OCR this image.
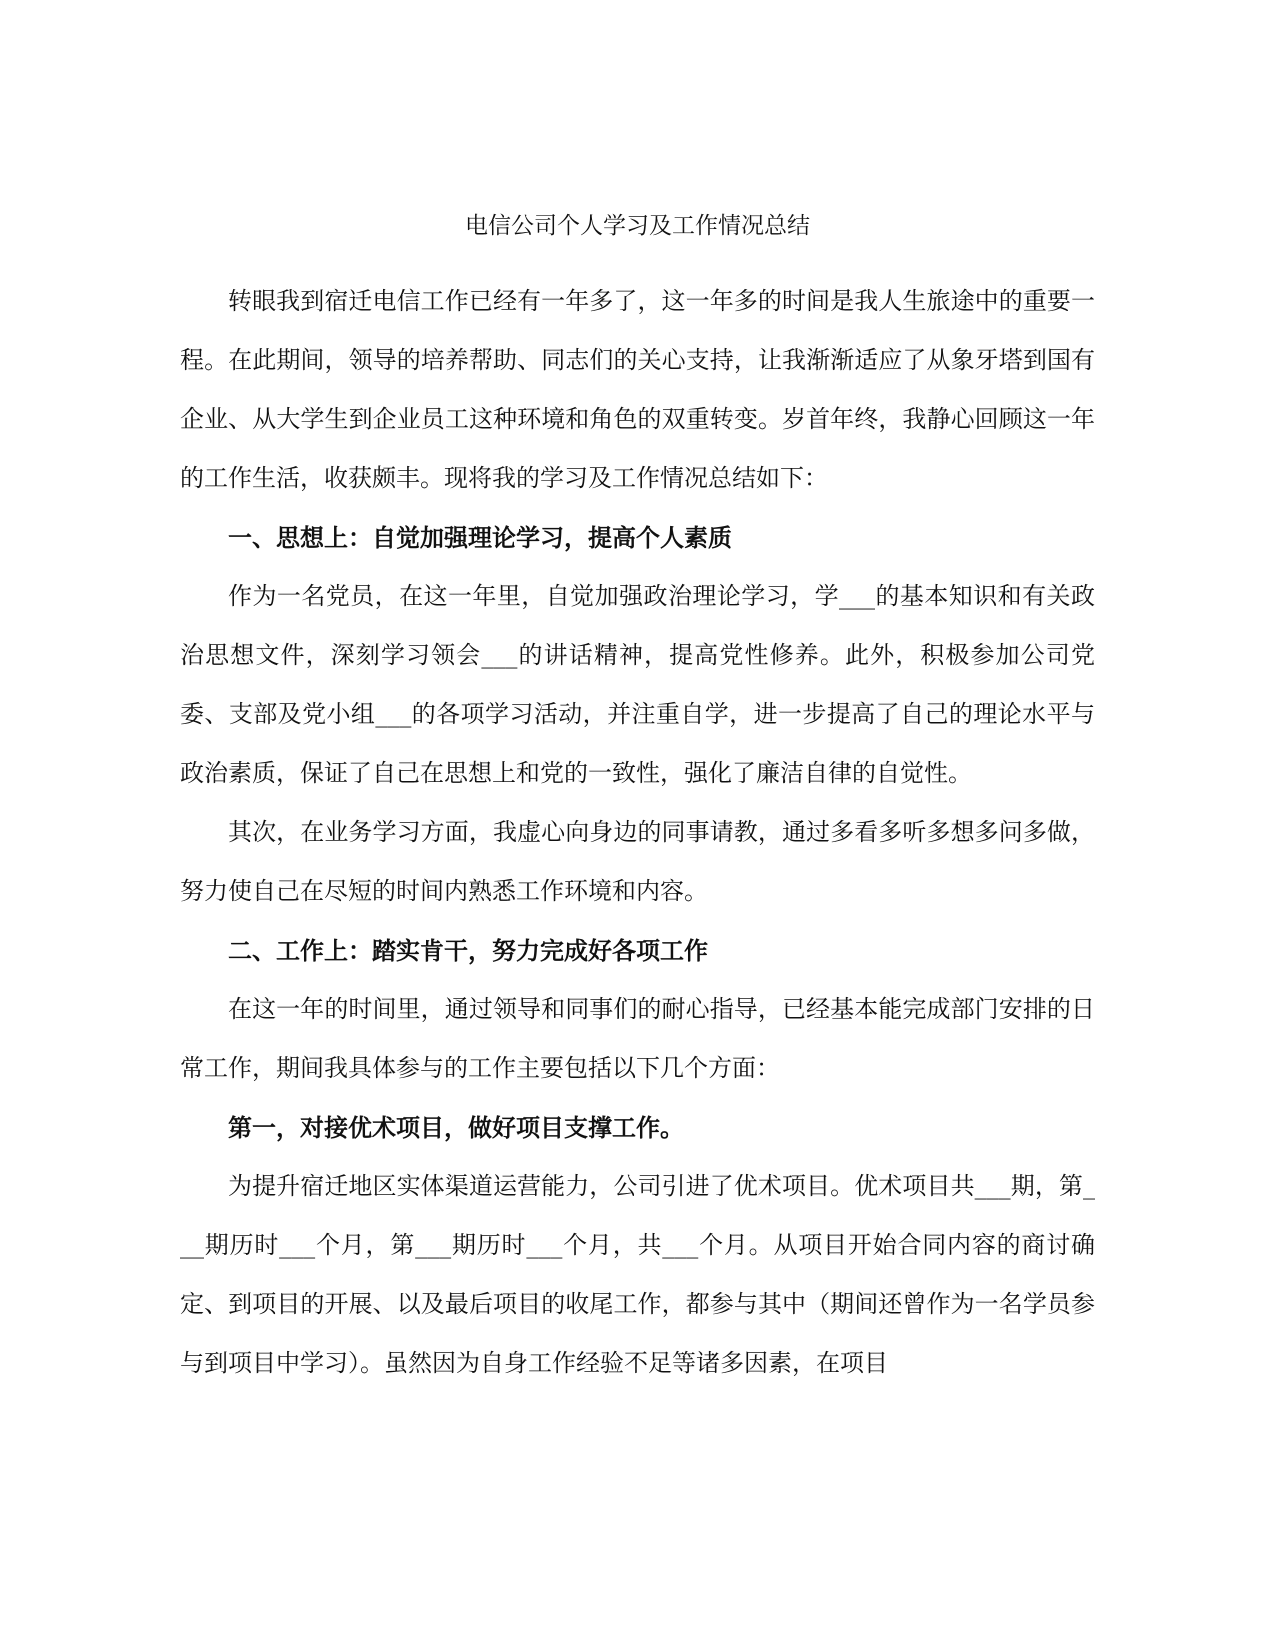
电信公司个人学习及工作情况总结

转眼我到宿迁电信工作已经有一年多了，这一年多的时间是我人生旅途中的重要一程。在此期间，领导的培养帮助、同志们的关心支持，让我渐渐适应了从象牙塔到国有企业、从大学生到企业员工这种环境和角色的双重转变。岁首年终，我静心回顾这一年的工作生活，收获颇丰。现将我的学习及工作情况总结如下：

一、思想上：自觉加强理论学习，提高个人素质

作为一名党员，在这一年里，自觉加强政治理论学习，学___的基本知识和有关政治思想文件，深刻学习领会___的讲话精神，提高党性修养。此外，积极参加公司党委、支部及党小组___的各项学习活动，并注重自学，进一步提高了自己的理论水平与政治素质，保证了自己在思想上和党的一致性，强化了廉洁自律的自觉性。

其次，在业务学习方面，我虚心向身边的同事请教，通过多看多听多想多问多做，努力使自己在尽短的时间内熟悉工作环境和内容。

二、工作上：踏实肯干，努力完成好各项工作

在这一年的时间里，通过领导和同事们的耐心指导，已经基本能完成部门安排的日常工作，期间我具体参与的工作主要包括以下几个方面：

第一，对接优术项目，做好项目支撑工作。

为提升宿迁地区实体渠道运营能力，公司引进了优术项目。优术项目共___期，第___期历时___个月，第___期历时___个月，共___个月。从项目开始合同内容的商讨确定、到项目的开展、以及最后项目的收尾工作，都参与其中（期间还曾作为一名学员参与到项目中学习）。虽然因为自身工作经验不足等诸多因素，在项目
